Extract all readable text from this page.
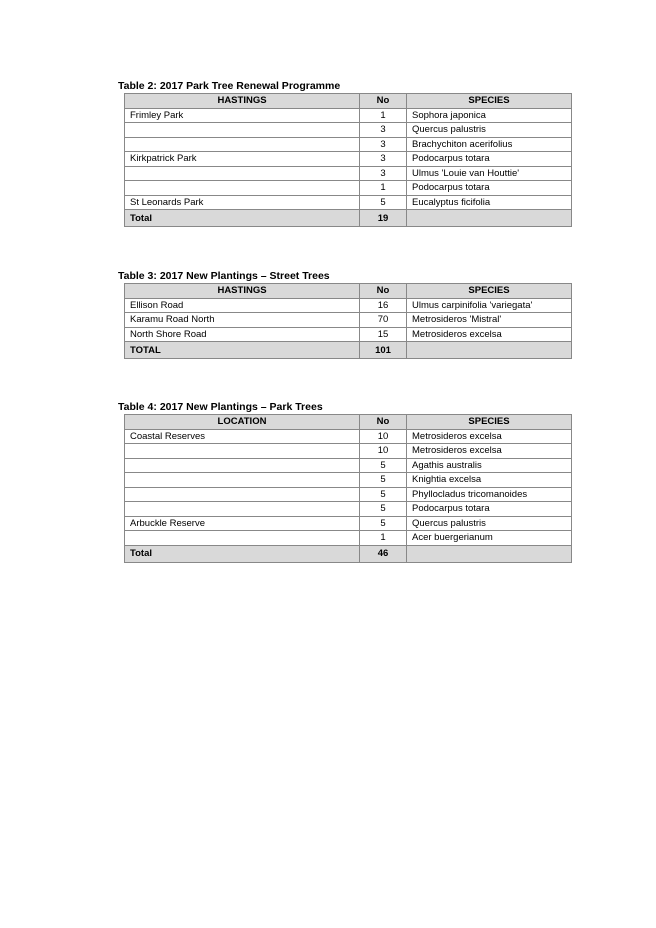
Table 2: 2017 Park Tree Renewal Programme
HASTINGS	No	SPECIES
Frimley Park	1	Sophora japonica
	3	Quercus palustris
	3	Brachychiton acerifolius
Kirkpatrick Park	3	Podocarpus totara
	3	Ulmus 'Louie van Houttie'
	1	Podocarpus totara
St Leonards Park	5	Eucalyptus ficifolia
Total	19	
Table 3: 2017 New Plantings – Street Trees
HASTINGS	No	SPECIES
Ellison Road	16	Ulmus carpinifolia 'variegata'
Karamu Road North	70	Metrosideros 'Mistral'
North Shore Road	15	Metrosideros excelsa
TOTAL	101	
Table 4: 2017 New Plantings – Park Trees
LOCATION	No	SPECIES
Coastal Reserves	10	Metrosideros excelsa
	10	Metrosideros excelsa
	5	Agathis australis
	5	Knightia excelsa
	5	Phyllocladus tricomanoides
	5	Podocarpus totara
Arbuckle Reserve	5	Quercus palustris
	1	Acer buergerianum
Total	46	
